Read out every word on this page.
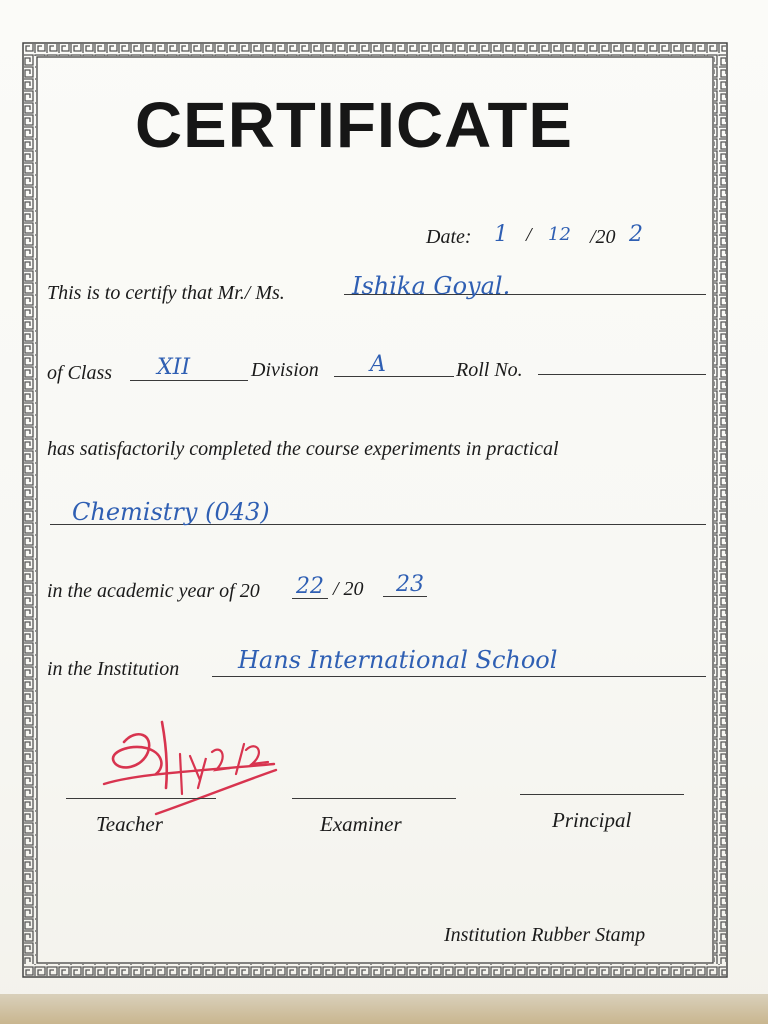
CERTIFICATE
Date: 1 / 12 /20 2
This is to certify that Mr./ Ms.	Ishika Goyal.
of Class XII	Division A	Roll No.
has satisfactorily completed the course experiments in practical
Chemistry (043)
in the academic year of 20 22 / 20 23
in the Institution Hans International School
Teacher	Examiner	Principal
Institution Rubber Stamp
